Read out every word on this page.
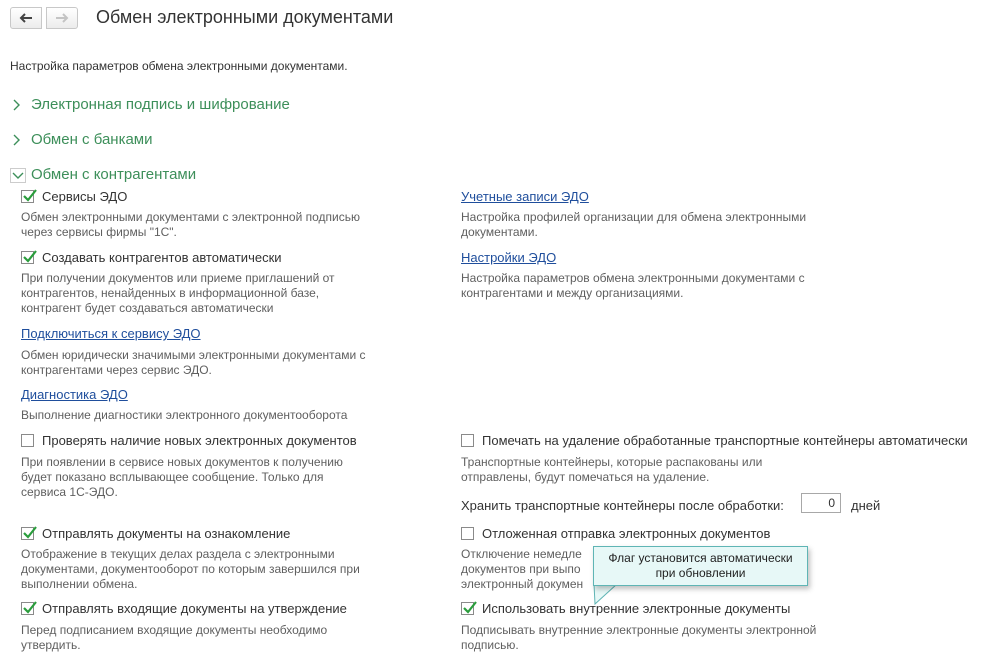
Обмен электронными документами
Настройка параметров обмена электронными документами.
Электронная подпись и шифрование
Обмен с банками
Обмен с контрагентами
Сервисы ЭДО
Обмен электронными документами с электронной подписью
через сервисы фирмы "1С".
Создавать контрагентов автоматически
При получении документов или приеме приглашений от
контрагентов, ненайденных в информационной базе,
контрагент будет создаваться автоматически
Подключиться к сервису ЭДО
Обмен юридически значимыми электронными документами с
контрагентами через сервис ЭДО.
Диагностика ЭДО
Выполнение диагностики электронного документооборота
Проверять наличие новых электронных документов
При появлении в сервисе новых документов к получению
будет показано всплывающее сообщение. Только для
сервиса 1С-ЭДО.
Отправлять документы на ознакомление
Отображение в текущих делах раздела с электронными
документами, документооборот по которым завершился при
выполнении обмена.
Отправлять входящие документы на утверждение
Перед подписанием входящие документы необходимо
утвердить.
Учетные записи ЭДО
Настройка профилей организации для обмена электронными
документами.
Настройки ЭДО
Настройка параметров обмена электронными документами с
контрагентами и между организациями.
Помечать на удаление обработанные транспортные контейнеры автоматически
Транспортные контейнеры, которые распакованы или
отправлены, будут помечаться на удаление.
Хранить транспортные контейнеры после обработки:	0	дней
Отложенная отправка электронных документов
Отключение немедле
документов при выпо
электронный докумен
Использовать внутренние электронные документы
Подписывать внутренние электронные документы электронной
подписью.
Флаг установится автоматически
при обновлении
